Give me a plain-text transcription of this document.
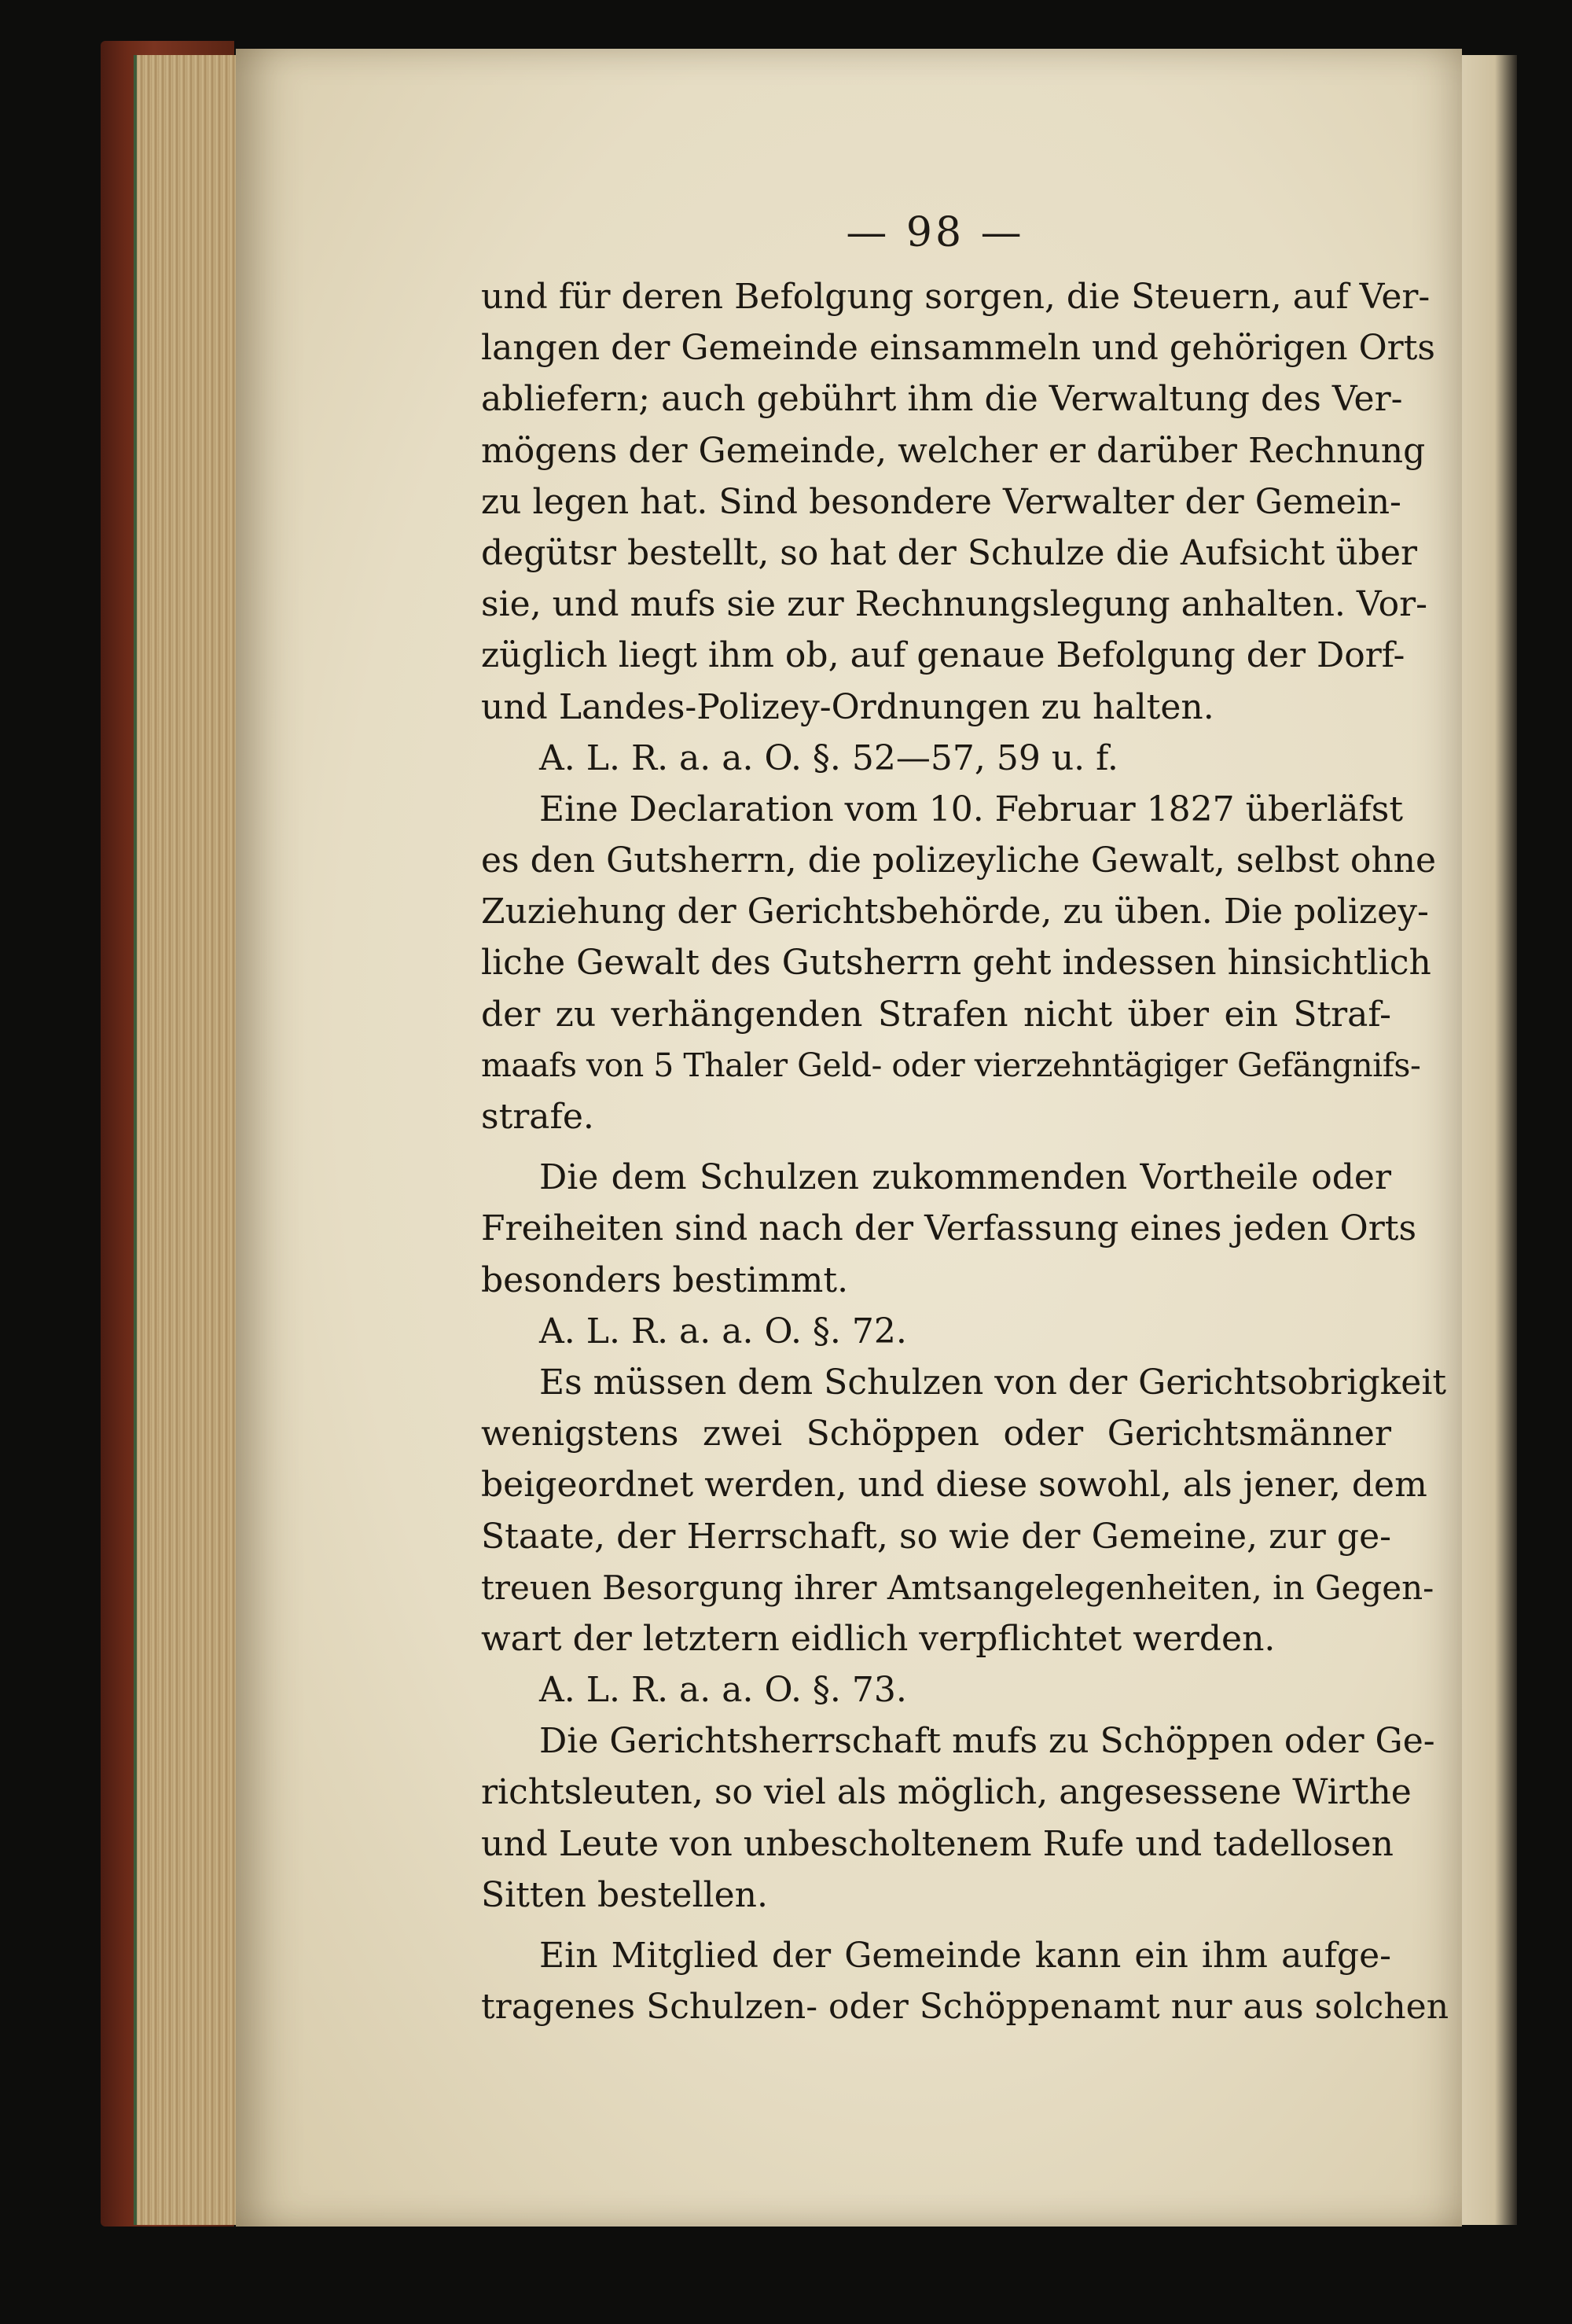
— 98 —
und für deren Befolgung sorgen, die Steuern, auf Ver-
langen der Gemeinde einsammeln und gehörigen Orts
abliefern; auch gebührt ihm die Verwaltung des Ver-
mögens der Gemeinde, welcher er darüber Rechnung
zu legen hat. Sind besondere Verwalter der Gemein-
degütsr bestellt, so hat der Schulze die Aufsicht über
sie, und mufs sie zur Rechnungslegung anhalten. Vor-
züglich liegt ihm ob, auf genaue Befolgung der Dorf-
und Landes-Polizey-Ordnungen zu halten.
A. L. R. a. a. O. §. 52—57, 59 u. f.
Eine Declaration vom 10. Februar 1827 überläfst
es den Gutsherrn, die polizeyliche Gewalt, selbst ohne
Zuziehung der Gerichtsbehörde, zu üben. Die polizey-
liche Gewalt des Gutsherrn geht indessen hinsichtlich
der zu verhängenden Strafen nicht über ein Straf-
maafs von 5 Thaler Geld- oder vierzehntägiger Gefängnifs-
strafe.
Die dem Schulzen zukommenden Vortheile oder
Freiheiten sind nach der Verfassung eines jeden Orts
besonders bestimmt.
A. L. R. a. a. O. §. 72.
Es müssen dem Schulzen von der Gerichtsobrigkeit
wenigstens zwei Schöppen oder Gerichtsmänner
beigeordnet werden, und diese sowohl, als jener, dem
Staate, der Herrschaft, so wie der Gemeine, zur ge-
treuen Besorgung ihrer Amtsangelegenheiten, in Gegen-
wart der letztern eidlich verpflichtet werden.
A. L. R. a. a. O. §. 73.
Die Gerichtsherrschaft mufs zu Schöppen oder Ge-
richtsleuten, so viel als möglich, angesessene Wirthe
und Leute von unbescholtenem Rufe und tadellosen
Sitten bestellen.
Ein Mitglied der Gemeinde kann ein ihm aufge-
tragenes Schulzen- oder Schöppenamt nur aus solchen
